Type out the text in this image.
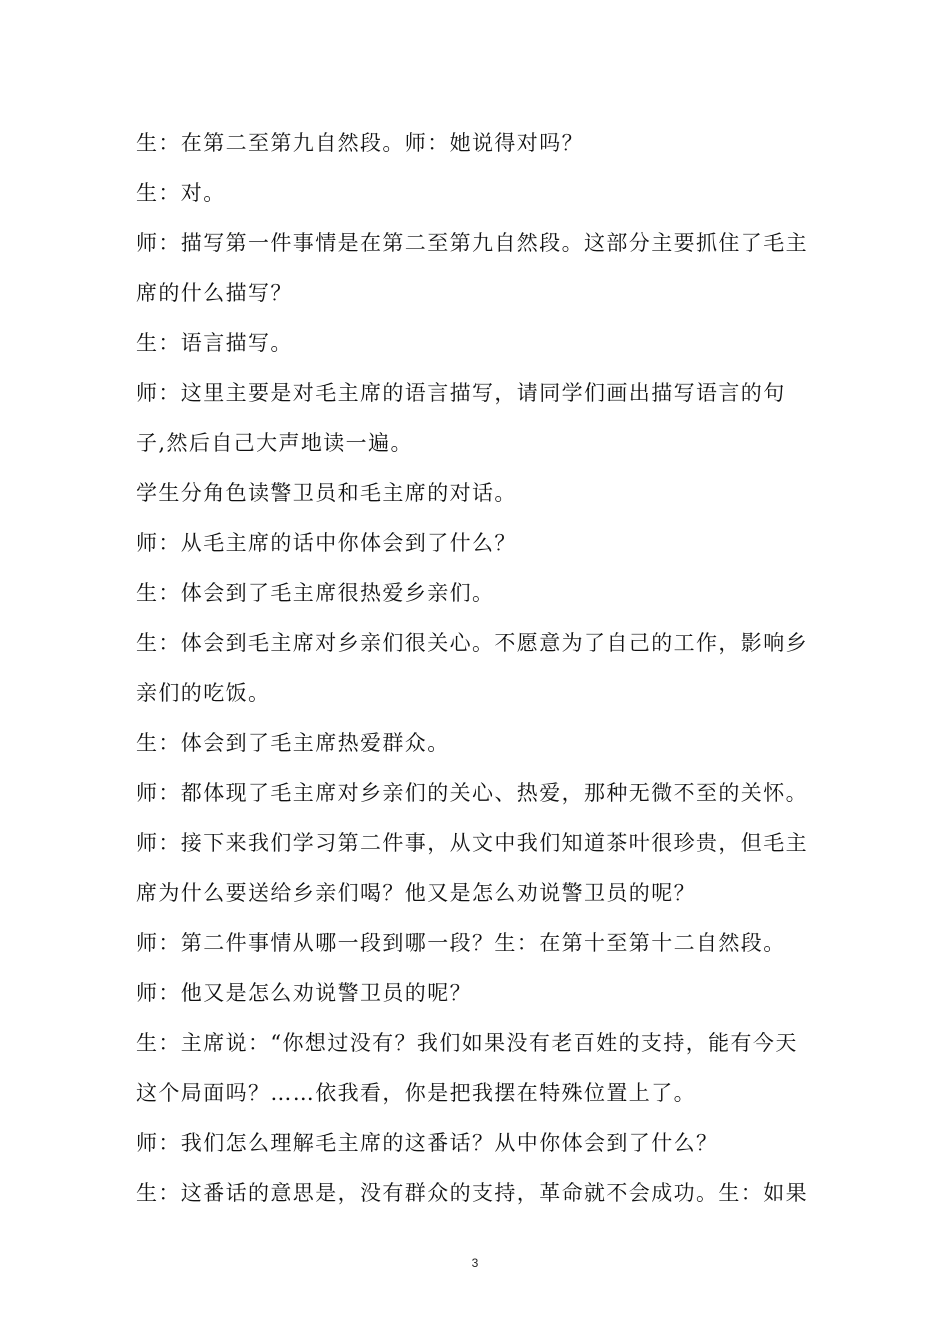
生：在第二至第九自然段。师：她说得对吗？

生：对。

师：描写第一件事情是在第二至第九自然段。这部分主要抓住了毛主席的什么描写？

生：语言描写。

师：这里主要是对毛主席的语言描写，请同学们画出描写语言的句子,然后自己大声地读一遍。

学生分角色读警卫员和毛主席的对话。

师：从毛主席的话中你体会到了什么？

生：体会到了毛主席很热爱乡亲们。

生：体会到毛主席对乡亲们很关心。不愿意为了自己的工作，影响乡亲们的吃饭。

生：体会到了毛主席热爱群众。

师：都体现了毛主席对乡亲们的关心、热爱，那种无微不至的关怀。

师：接下来我们学习第二件事，从文中我们知道茶叶很珍贵，但毛主席为什么要送给乡亲们喝？他又是怎么劝说警卫员的呢？

师：第二件事情从哪一段到哪一段？生：在第十至第十二自然段。

师：他又是怎么劝说警卫员的呢？

生：主席说：“你想过没有？我们如果没有老百姓的支持，能有今天这个局面吗？……依我看，你是把我摆在特殊位置上了。

师：我们怎么理解毛主席的这番话？从中你体会到了什么？

生：这番话的意思是，没有群众的支持，革命就不会成功。生：如果

3
